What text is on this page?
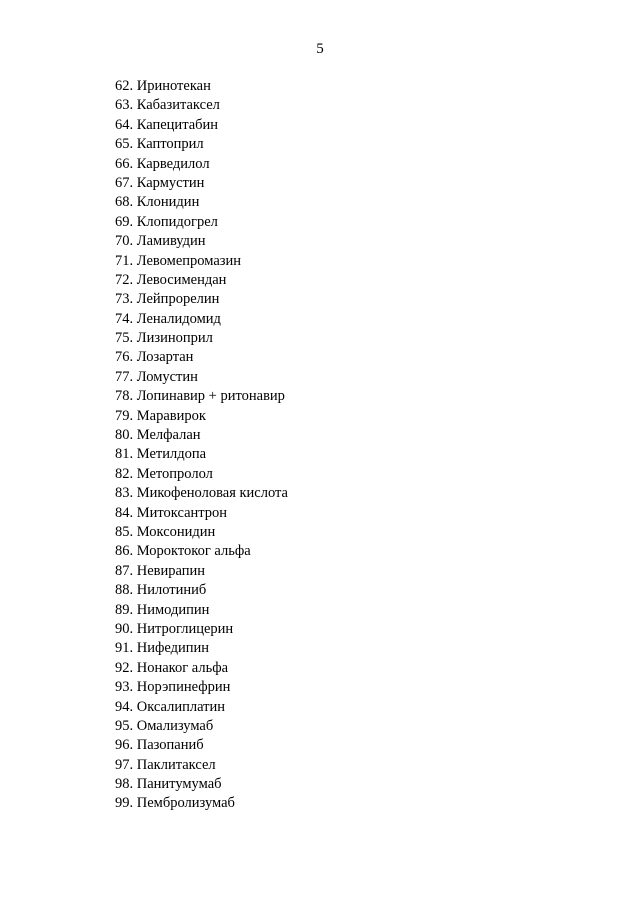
5
62. Иринотекан
63. Кабазитаксел
64. Капецитабин
65. Каптоприл
66. Карведилол
67. Кармустин
68. Клонидин
69. Клопидогрел
70. Ламивудин
71. Левомепромазин
72. Левосимендан
73. Лейпрорелин
74. Леналидомид
75. Лизиноприл
76. Лозартан
77. Ломустин
78. Лопинавир + ритонавир
79. Маравирок
80. Мелфалан
81. Метилдопа
82. Метопролол
83. Микофеноловая кислота
84. Митоксантрон
85. Моксонидин
86. Мороктоког альфа
87. Невирапин
88. Нилотиниб
89. Нимодипин
90. Нитроглицерин
91. Нифедипин
92. Нонаког альфа
93. Норэпинефрин
94. Оксалиплатин
95. Омализумаб
96. Пазопаниб
97. Паклитаксел
98. Панитумумаб
99. Пембролизумаб
